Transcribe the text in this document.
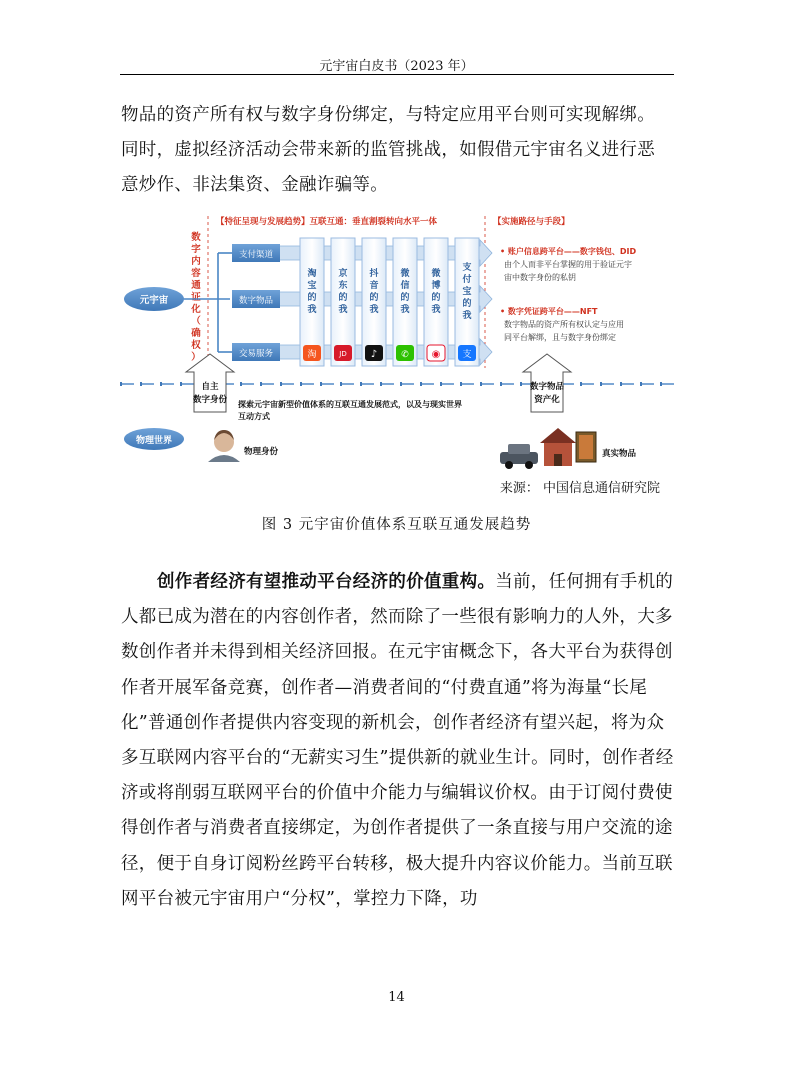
元宇宙白皮书（2023 年）
物品的资产所有权与数字身份绑定，与特定应用平台则可实现解绑。
同时，虚拟经济活动会带来新的监管挑战，如假借元宇宙名义进行恶
意炒作、非法集资、金融诈骗等。
【特征呈现与发展趋势】互联互通：垂直割裂转向水平一体	【实施路径与手段】
数
字
内
容
通
证
化
（
确
权
）
元宇宙
支付渠道
数字物品
交易服务
淘
宝
的
我
淘
京
东
的
我
JD
抖
音
的
我
♪
微
信
的
我
✆
微
博
的
我
◉
支
付
宝
的
我
支
• 账户信息跨平台——数字钱包、DID
由个人而非平台掌握的用于验证元宇
宙中数字身份的私钥
• 数字凭证跨平台——NFT
数字物品的资产所有权认定与应用
同平台解绑，且与数字身份绑定
自主
数字身份
数字物品
资产化
探索元宇宙新型价值体系的互联互通发展范式，以及与现实世界
互动方式
物理世界
物理身份	真实物品
来源： 中国信息通信研究院
图 3 元宇宙价值体系互联互通发展趋势
创作者经济有望推动平台经济的价值重构。当前，任何拥有手机的人都已成为潜在的内容创作者，然而除了一些很有影响力的人外，大多数创作者并未得到相关经济回报。在元宇宙概念下，各大平台为获得创作者开展军备竞赛，创作者—消费者间的“付费直通”将为海量“长尾化”普通创作者提供内容变现的新机会，创作者经济有望兴起，将为众多互联网内容平台的“无薪实习生”提供新的就业生计。同时，创作者经济或将削弱互联网平台的价值中介能力与编辑议价权。由于订阅付费使得创作者与消费者直接绑定，为创作者提供了一条直接与用户交流的途径，便于自身订阅粉丝跨平台转移，极大提升内容议价能力。当前互联网平台被元宇宙用户“分权”，掌控力下降，功
14
